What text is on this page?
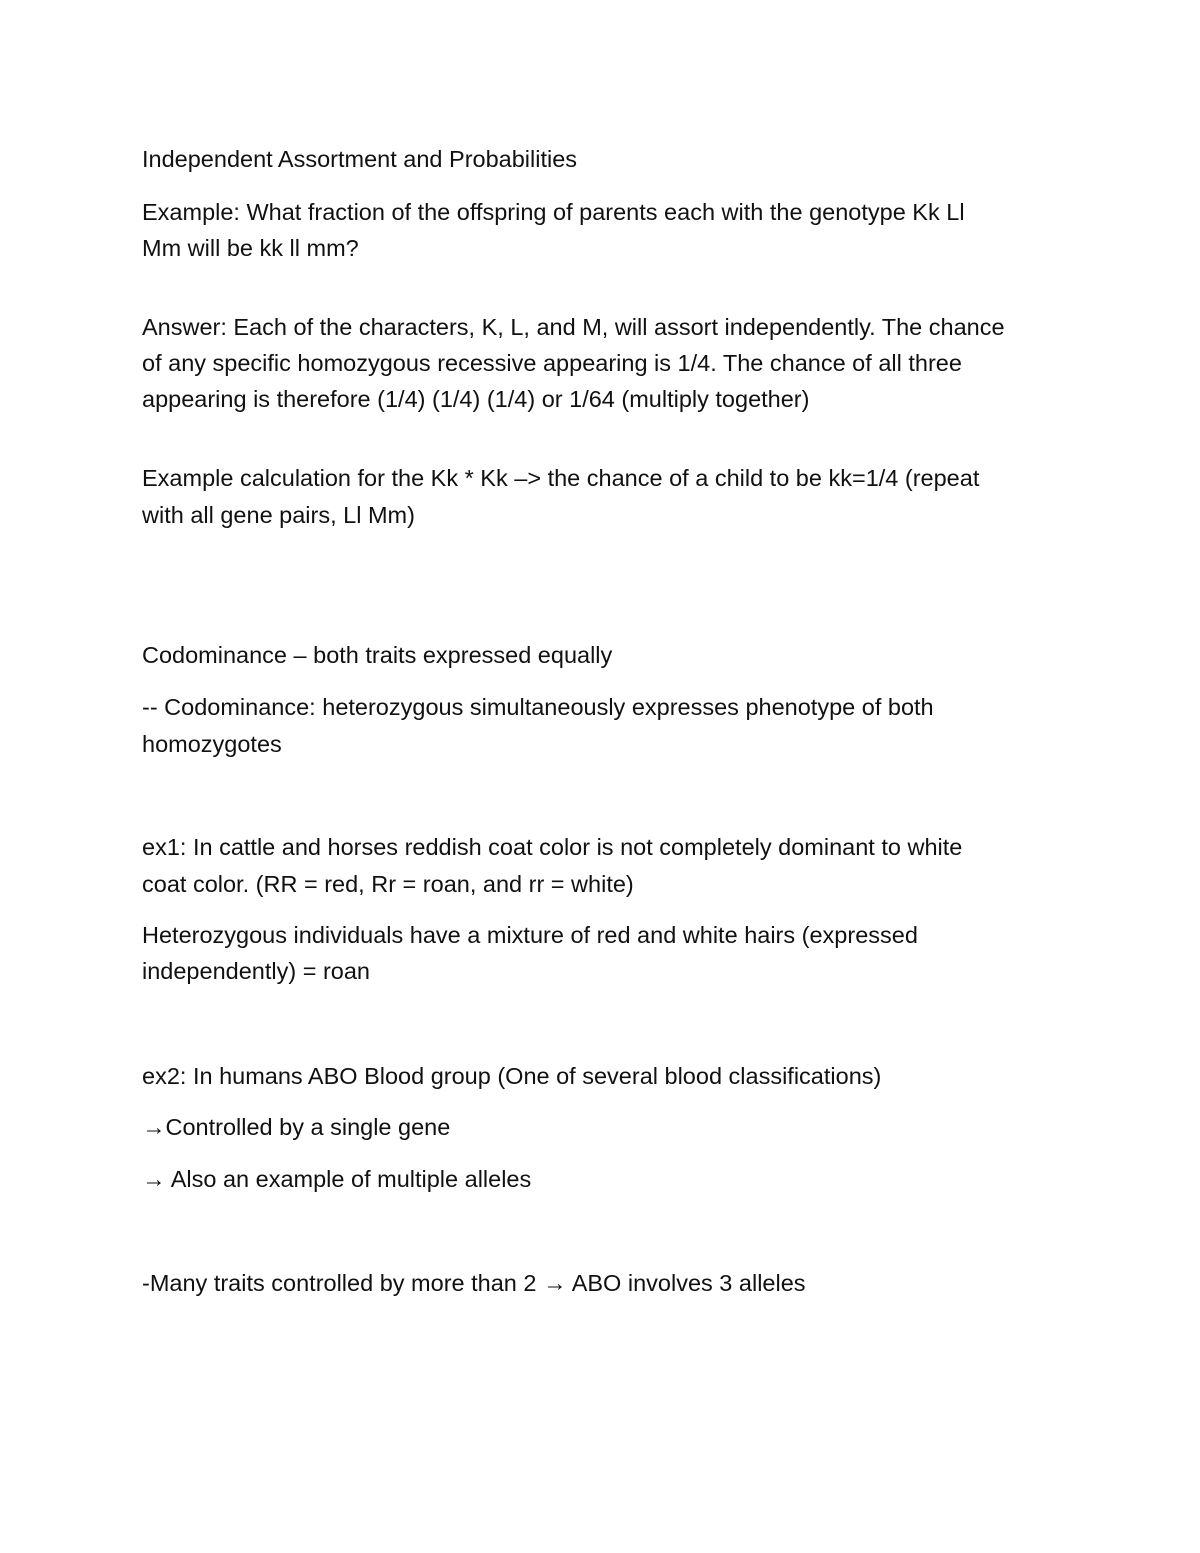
Independent Assortment and Probabilities
Example: What fraction of the offspring of parents each with the genotype Kk Ll
Mm will be kk ll mm?
Answer: Each of the characters, K, L, and M, will assort independently. The chance
of any specific homozygous recessive appearing is 1/4. The chance of all three
appearing is therefore (1/4) (1/4) (1/4) or 1/64 (multiply together)
Example calculation for the Kk * Kk –> the chance of a child to be kk=1/4 (repeat
with all gene pairs, Ll Mm)
Codominance – both traits expressed equally
-- Codominance: heterozygous simultaneously expresses phenotype of both
homozygotes
ex1: In cattle and horses reddish coat color is not completely dominant to white
coat color. (RR = red, Rr = roan, and rr = white)
Heterozygous individuals have a mixture of red and white hairs (expressed
independently) = roan
ex2: In humans ABO Blood group (One of several blood classifications)
→Controlled by a single gene
→ Also an example of multiple alleles
-Many traits controlled by more than 2 → ABO involves 3 alleles
